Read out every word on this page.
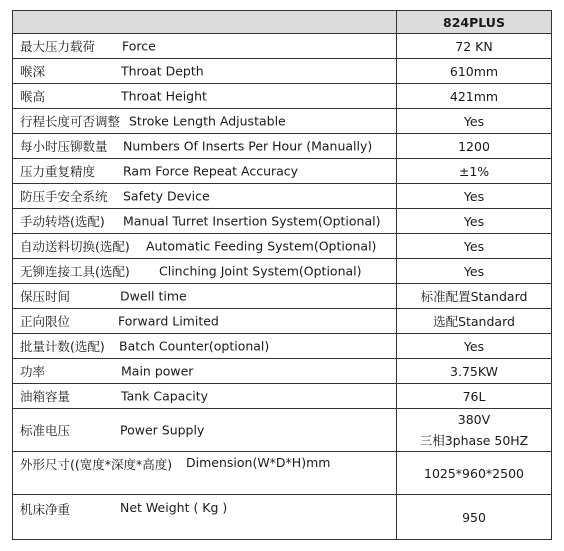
	824PLUS
最大压力载荷 Force	72 KN

喉深 Throat Depth	610mm

喉高 Throat Height	421mm

行程长度可否调整 Stroke Length Adjustable	Yes

每小时压铆数量 Numbers Of Inserts Per Hour (Manually)	1200

压力重复精度 Ram Force Repeat Accuracy	±1%

防压手安全系统 Safety Device	Yes

手动转塔(选配) Manual Turret Insertion System(Optional)	Yes

自动送料切换(选配) Automatic Feeding System(Optional)	Yes

无铆连接工具(选配) Clinching Joint System(Optional)	Yes

保压时间 Dwell time	标准配置Standard

正向限位 Forward Limited	选配Standard

批量计数(选配) Batch Counter(optional)	Yes

功率 Main power	3.75KW

油箱容量 Tank Capacity	76L

标准电压 Power Supply	380V
三相3phase 50HZ

外形尺寸((宽度*深度*高度) Dimension(W*D*H)mm	1025*960*2500

机床净重 Net Weight ( Kg )	950
